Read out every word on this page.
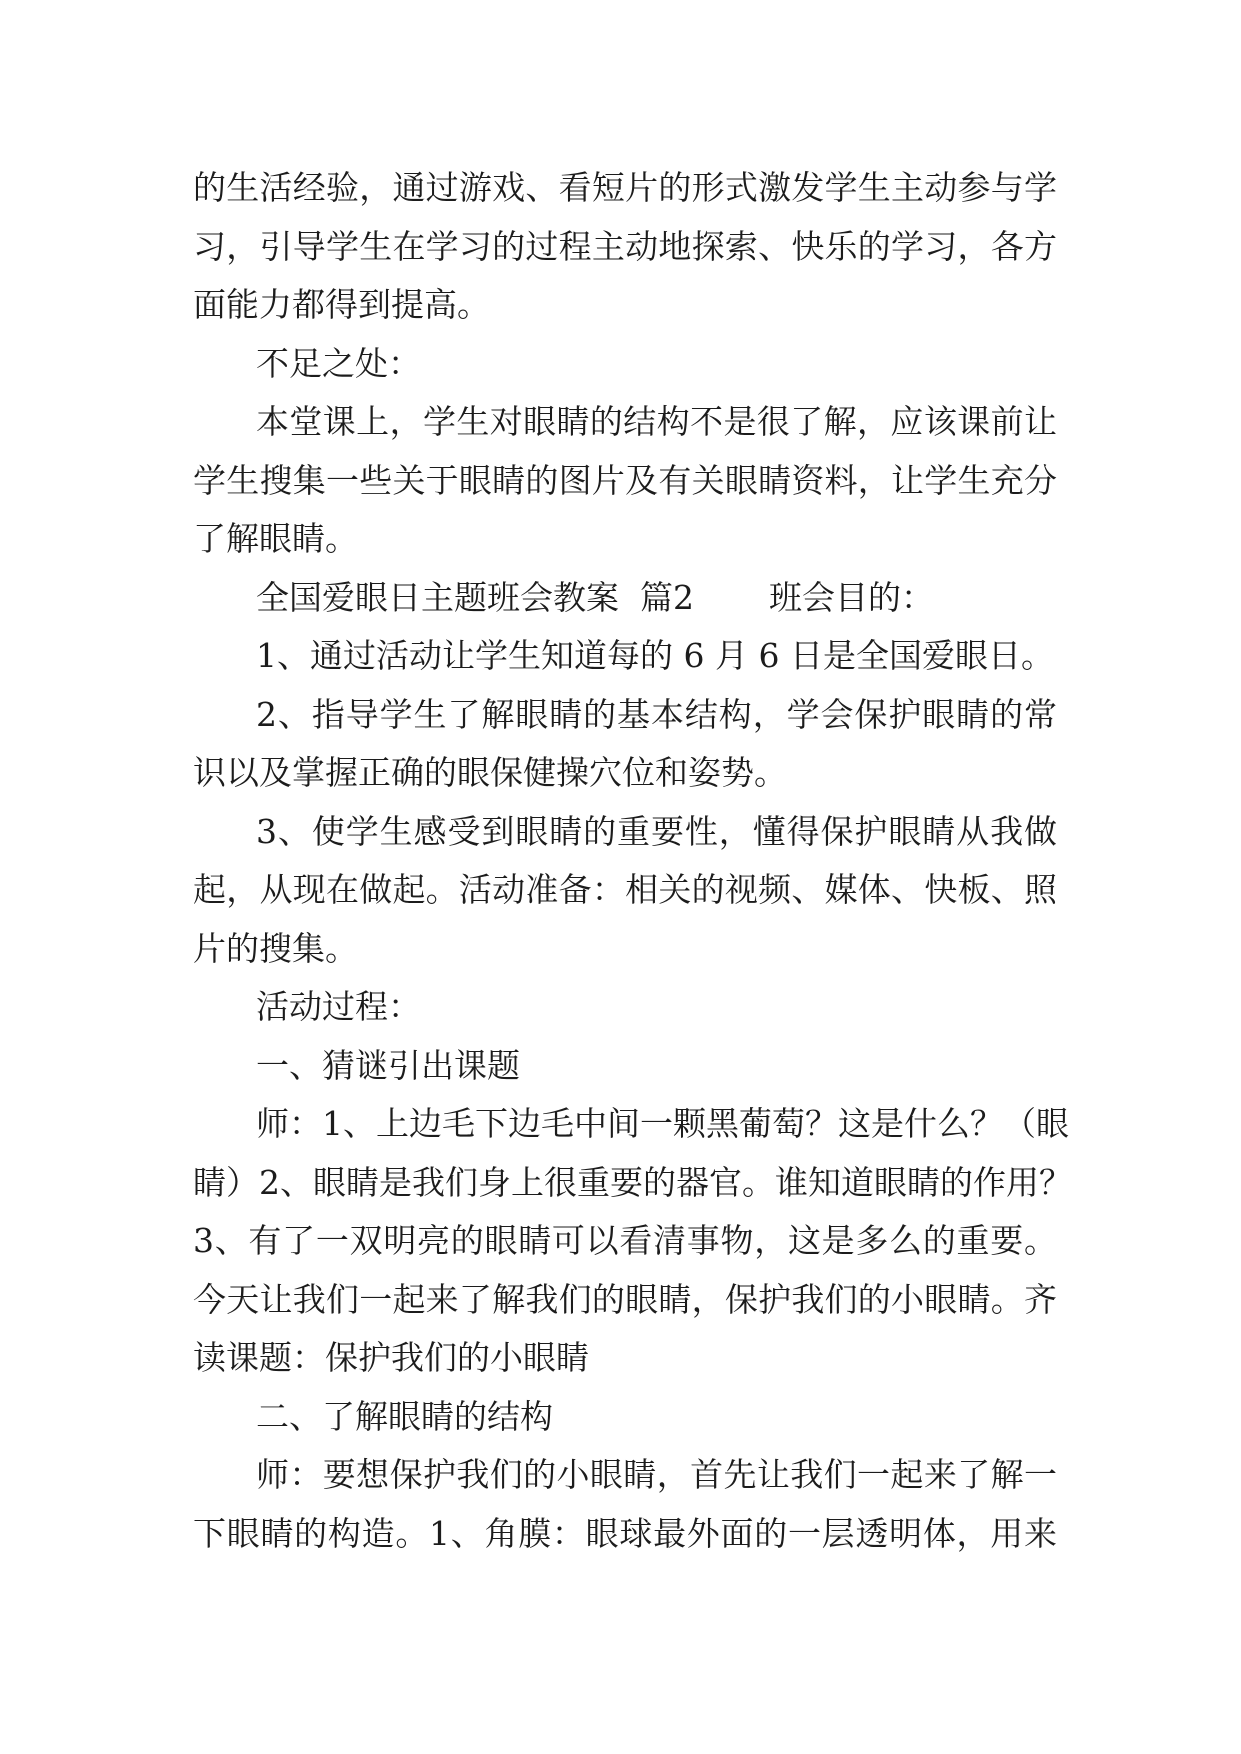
的生活经验，通过游戏、看短片的形式激发学生主动参与学
习，引导学生在学习的过程主动地探索、快乐的学习，各方
面能力都得到提高。
不足之处：
本堂课上，学生对眼睛的结构不是很了解，应该课前让
学生搜集一些关于眼睛的图片及有关眼睛资料，让学生充分
了解眼睛。
全国爱眼日主题班会教案  篇2 班会目的：
1、通过活动让学生知道每的 6 月 6 日是全国爱眼日。
2、指导学生了解眼睛的基本结构，学会保护眼睛的常
识以及掌握正确的眼保健操穴位和姿势。
3、使学生感受到眼睛的重要性，懂得保护眼睛从我做
起，从现在做起。活动准备：相关的视频、媒体、快板、照
片的搜集。
活动过程：
一、猜谜引出课题
师：1、上边毛下边毛中间一颗黑葡萄？这是什么？（眼
睛）2、眼睛是我们身上很重要的器官。谁知道眼睛的作用？
3、有了一双明亮的眼睛可以看清事物，这是多么的重要。
今天让我们一起来了解我们的眼睛，保护我们的小眼睛。齐
读课题：保护我们的小眼睛
二、了解眼睛的结构
师：要想保护我们的小眼睛，首先让我们一起来了解一
下眼睛的构造。1、角膜：眼球最外面的一层透明体，用来
